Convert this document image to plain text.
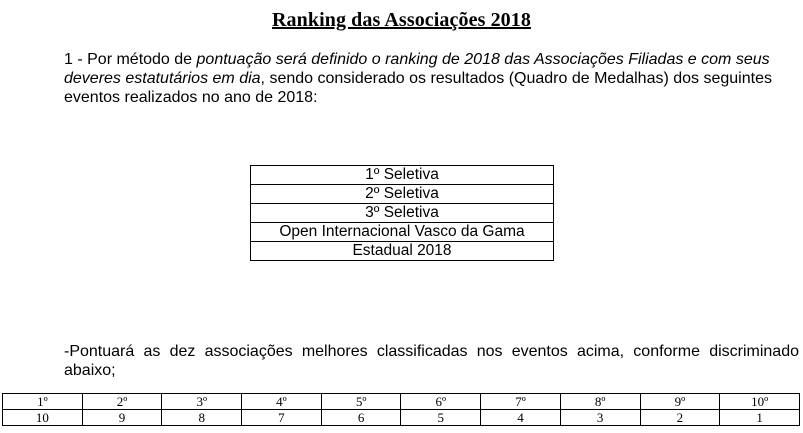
Ranking das Associações 2018
1 - Por método de pontuação será definido o ranking de 2018 das Associações Filiadas e com seus deveres estatutários em dia, sendo considerado os resultados (Quadro de Medalhas) dos seguintes eventos realizados no ano de 2018:
1º Seletiva
2º Seletiva
3º Seletiva
Open Internacional Vasco da Gama
Estadual 2018
-Pontuará as dez associações melhores classificadas nos eventos acima, conforme discriminado
abaixo;
1º	2º	3º	4º	5º	6º	7º	8º	9º	10º
10	9	8	7	6	5	4	3	2	1
